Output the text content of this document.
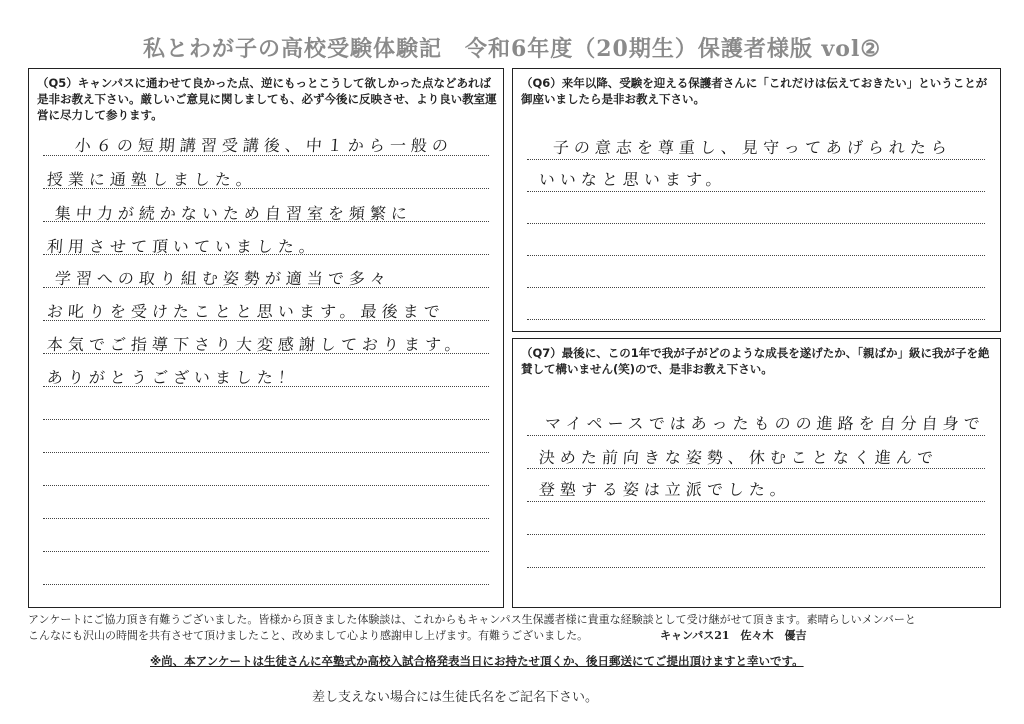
私とわが子の高校受験体験記　令和6年度（20期生）保護者様版 vol②
（Q5）キャンパスに通わせて良かった点、逆にもっとこうして欲しかった点などあれば是非お教え下さい。厳しいご意見に関しましても、必ず今後に反映させ、より良い教室運営に尽力して参ります。
小６の短期講習受講後、中１から一般の
授業に通塾しました。
集中力が続かないため自習室を頻繁に
利用させて頂いていました。
学習への取り組む姿勢が適当で多々
お叱りを受けたことと思います。最後まで
本気でご指導下さり大変感謝しております。
ありがとうございました！
（Q6）来年以降、受験を迎える保護者さんに「これだけは伝えておきたい」ということが御座いましたら是非お教え下さい。
子の意志を尊重し、見守ってあげられたら
いいなと思います。
（Q7）最後に、この1年で我が子がどのような成長を遂げたか、「親ばか」級に我が子を絶賛して構いません(笑)ので、是非お教え下さい。
マイペースではあったものの進路を自分自身で
決めた前向きな姿勢、休むことなく進んで
登塾する姿は立派でした。
アンケートにご協力頂き有難うございました。皆様から頂きました体験談は、これからもキャンパス生保護者様に貴重な経験談として受け継がせて頂きます。素晴らしいメンバーと
こんなにも沢山の時間を共有させて頂けましたこと、改めまして心より感謝申し上げます。有難うございました。	キャンパス21　佐々木　優吉
※尚、本アンケートは生徒さんに卒塾式か高校入試合格発表当日にお持たせ頂くか、後日郵送にてご提出頂けますと幸いです。
差し支えない場合には生徒氏名をご記名下さい。
